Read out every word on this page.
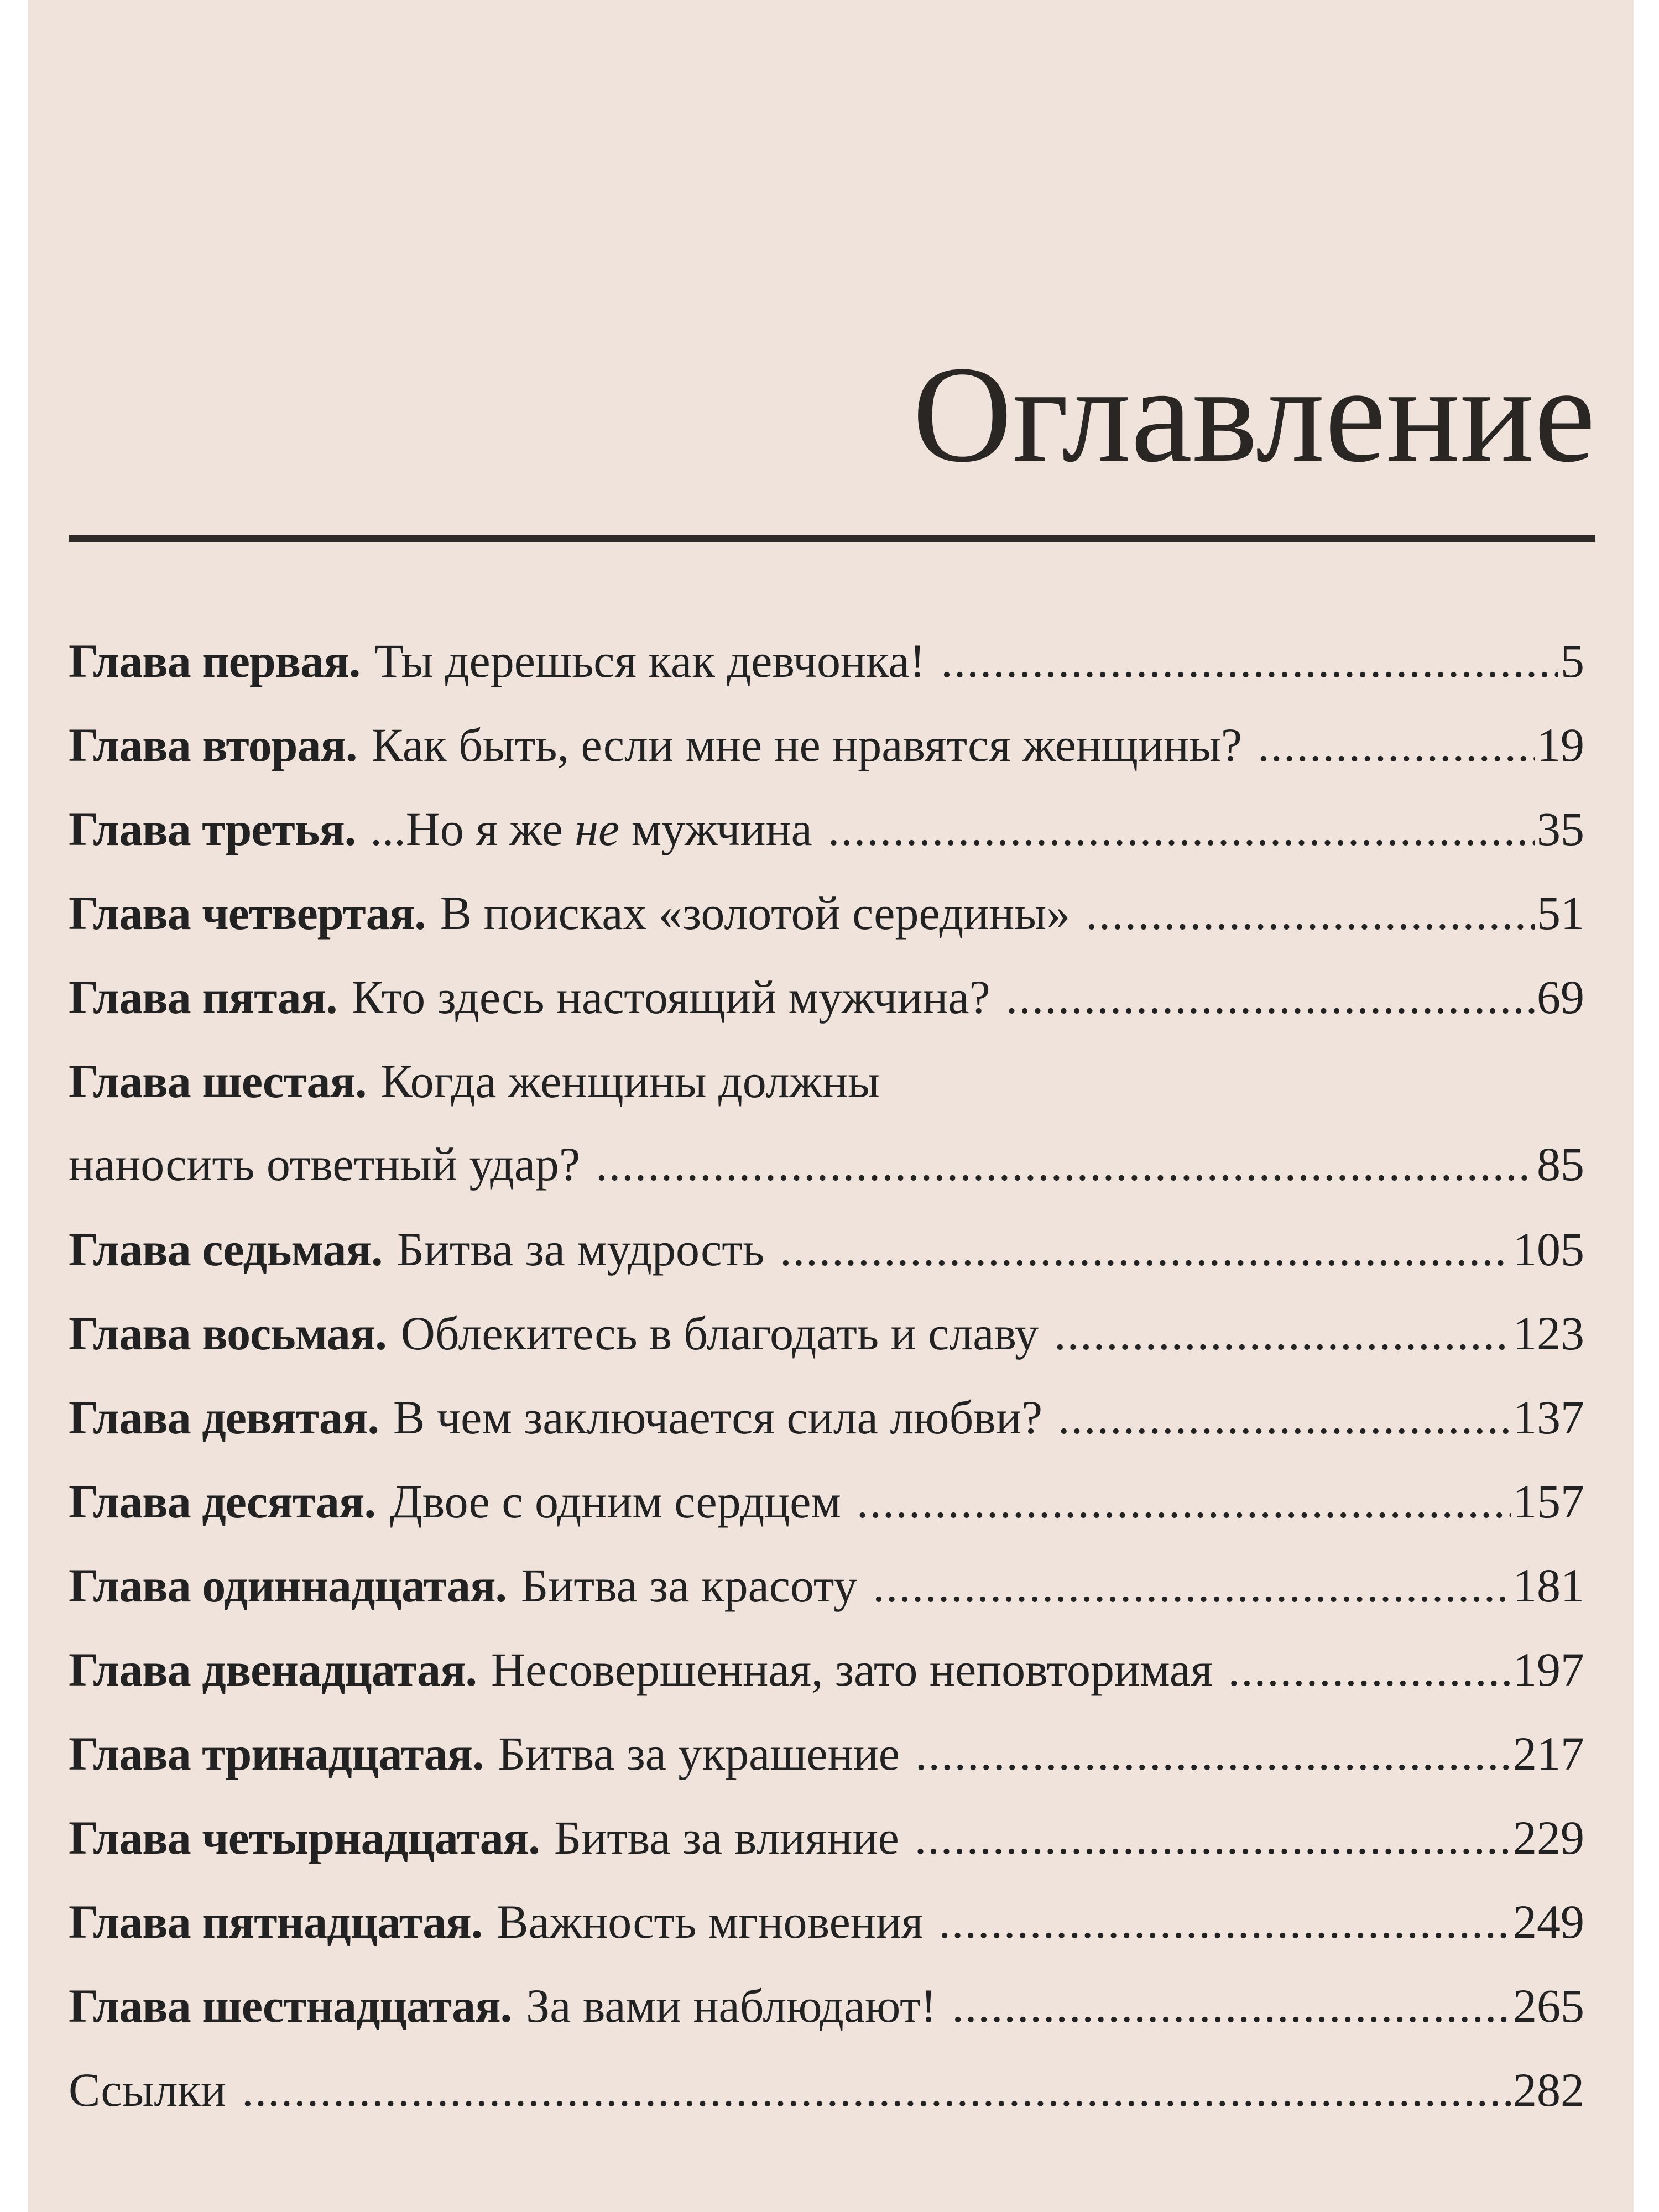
Оглавление
Глава первая. Ты дерешься как девчонка! .....	5
Глава вторая. Как быть, если мне не нравятся женщины? .....	19
Глава третья. ...Но я же не мужчина .....	35
Глава четвертая. В поисках «золотой середины» .....	51
Глава пятая. Кто здесь настоящий мужчина? .....	69
Глава шестая. Когда женщины должны
наносить ответный удар? .....	85
Глава седьмая. Битва за мудрость .....	105
Глава восьмая. Облекитесь в благодать и славу .....	123
Глава девятая. В чем заключается сила любви? .....	137
Глава десятая. Двое с одним сердцем .....	157
Глава одиннадцатая. Битва за красоту .....	181
Глава двенадцатая. Несовершенная, зато неповторимая .....	197
Глава тринадцатая. Битва за украшение .....	217
Глава четырнадцатая. Битва за влияние .....	229
Глава пятнадцатая. Важность мгновения .....	249
Глава шестнадцатая. За вами наблюдают! .....	265
Ссылки .....	282
